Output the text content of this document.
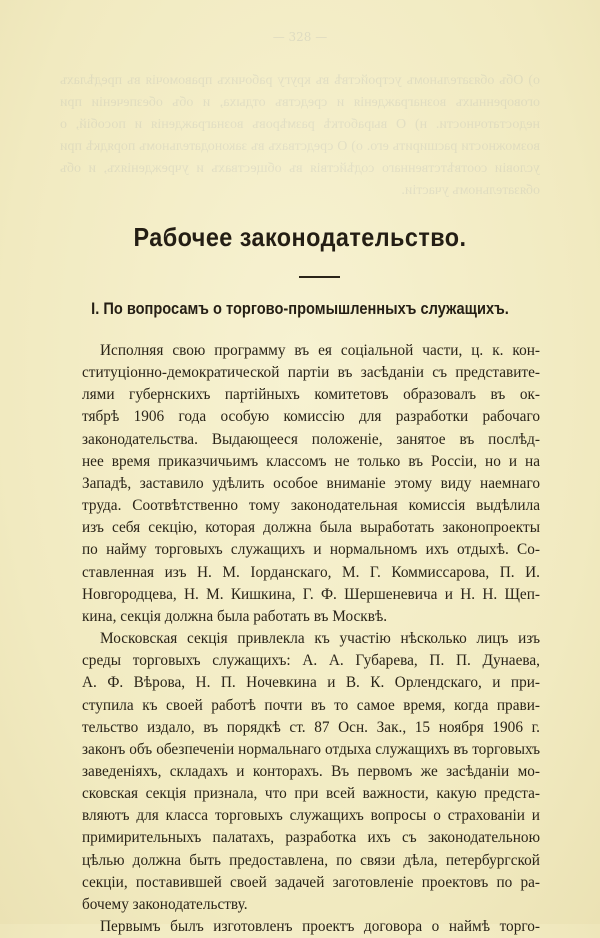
— 328 —
о) Объ обязательномъ устройствѣ въ кругу рабочихъ правомочія въ предѣлахъ оговоренныхъ вознагражденія и средствъ отдыха, и объ обезпеченіи при недостаточности. н) О выработкѣ размѣровъ вознагражденія и пособій, о возможности расширить его. о) О средствахъ въ законодательномъ порядкѣ при условіи соотвѣтственнаго содѣйствія въ обществахъ и учрежденіяхъ, и объ обязательномъ участіи.
Рабочее законодательство.
I. По вопросамъ о торгово-промышленныхъ служащихъ.
Исполняя свою программу въ ея соціальной части, ц. к. кон-
ституціонно-демократической партіи въ засѣданіи съ представите-
лями губернскихъ партійныхъ комитетовъ образовалъ въ ок-
тябрѣ 1906 года особую комиссію для разработки рабочаго
законодательства. Выдающееся положеніе, занятое въ послѣд-
нее время приказчичьимъ классомъ не только въ Россіи, но и на
Западѣ, заставило удѣлить особое вниманіе этому виду наемнаго
труда. Соотвѣтственно тому законодательная комиссія выдѣлила
изъ себя секцію, которая должна была выработать законопроекты
по найму торговыхъ служащихъ и нормальномъ ихъ отдыхѣ. Со-
ставленная изъ Н. М. Іорданскаго, М. Г. Коммиссарова, П. И.
Новгородцева, Н. М. Кишкина, Г. Ф. Шершеневича и Н. Н. Щеп-
кина, секція должна была работать въ Москвѣ.
Московская секція привлекла къ участію нѣсколько лицъ изъ
среды торговыхъ служащихъ: А. А. Губарева, П. П. Дунаева,
А. Ф. Вѣрова, Н. П. Ночевкина и В. К. Орлендскаго, и при-
ступила къ своей работѣ почти въ то самое время, когда прави-
тельство издало, въ порядкѣ ст. 87 Осн. Зак., 15 ноября 1906 г.
законъ объ обезпеченіи нормальнаго отдыха служащихъ въ торговыхъ
заведеніяхъ, складахъ и конторахъ. Въ первомъ же засѣданіи мо-
сковская секція признала, что при всей важности, какую предста-
вляютъ для класса торговыхъ служащихъ вопросы о страхованіи и
примирительныхъ палатахъ, разработка ихъ съ законодательною
цѣлью должна быть предоставлена, по связи дѣла, петербургской
секціи, поставившей своей задачей заготовленіе проектовъ по ра-
бочему законодательству.
Первымъ былъ изготовленъ проектъ договора о наймѣ торго-
